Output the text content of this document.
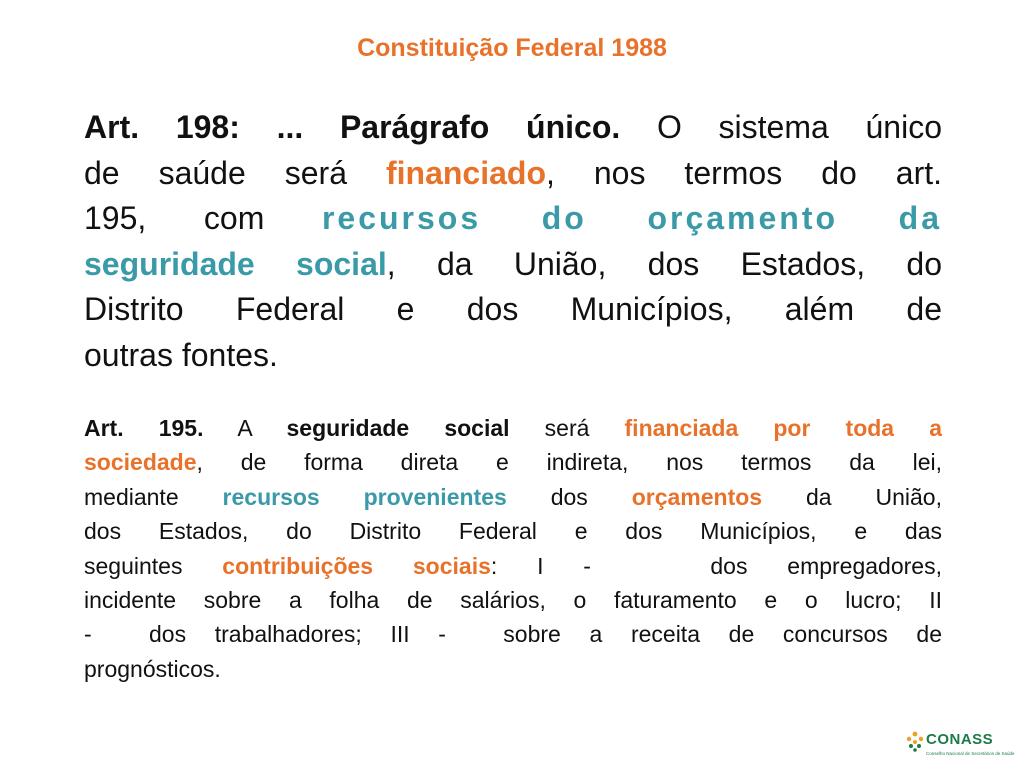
Constituição Federal 1988
Art. 198: ... Parágrafo único. O sistema único
de saúde será financiado, nos termos do art.
195, com recursos do orçamento da
seguridade social, da União, dos Estados, do
Distrito Federal e dos Municípios, além de
outras fontes.
Art. 195. A seguridade social será financiada por toda a
sociedade, de forma direta e indireta, nos termos da lei,
mediante recursos provenientes dos orçamentos da União,
dos Estados, do Distrito Federal e dos Municípios, e das
seguintes contribuições sociais: I -   dos empregadores,
incidente sobre a folha de salários, o faturamento e o lucro; II
-  dos trabalhadores; III -  sobre a receita de concursos de
prognósticos.
CONASS
Conselho Nacional de Secretários de Saúde
